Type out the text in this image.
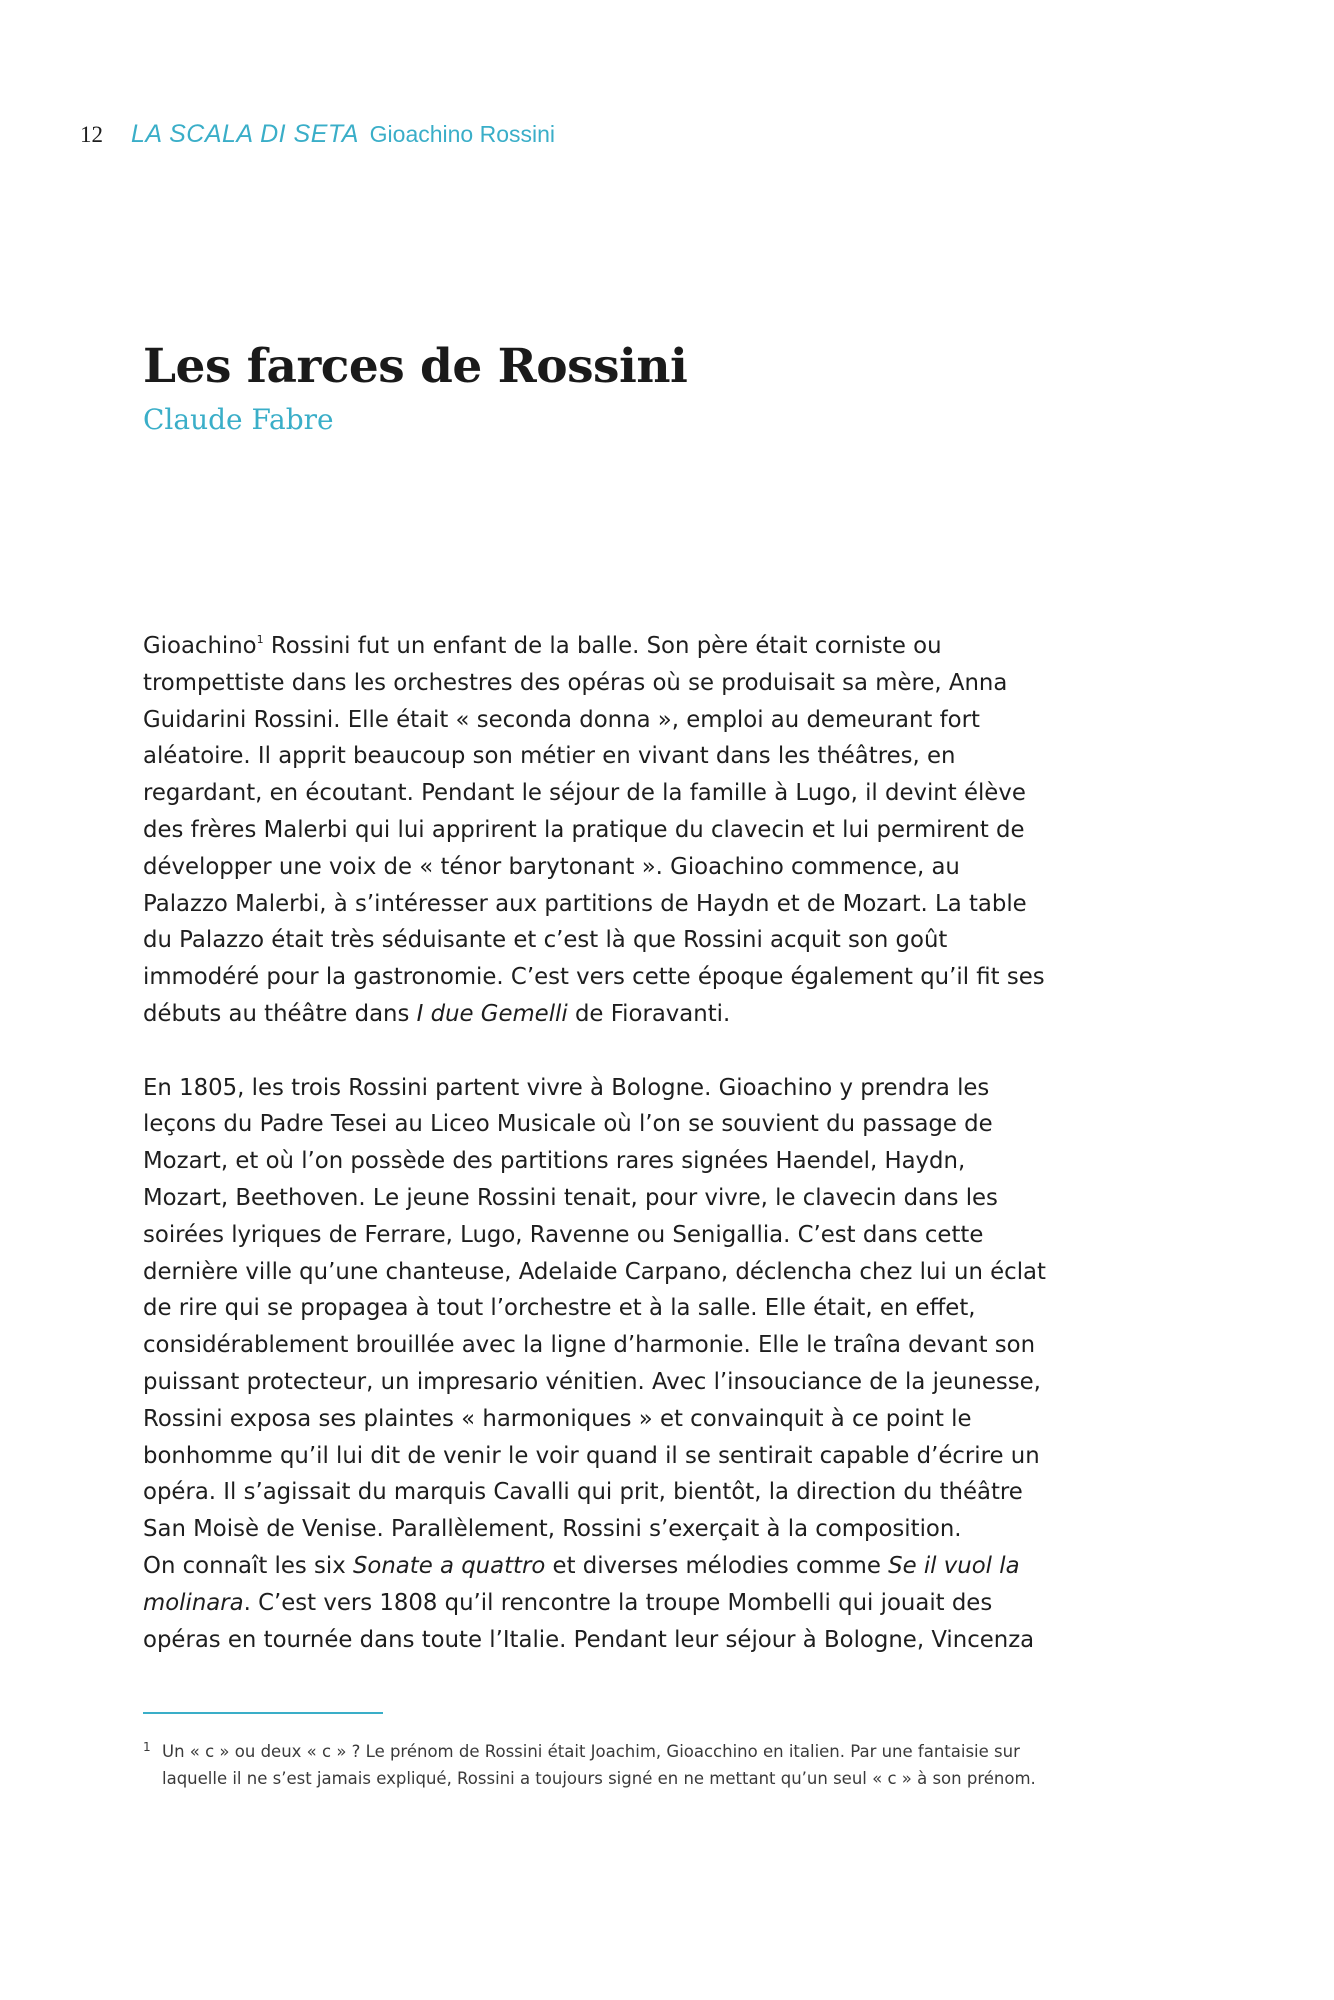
12 LA SCALA DI SETA Gioachino Rossini
Les farces de Rossini
Claude Fabre
Gioachino$^1$ Rossini fut un enfant de la balle. Son père était corniste ou
trompettiste dans les orchestres des opéras où se produisait sa mère, Anna
Guidarini Rossini. Elle était « seconda donna », emploi au demeurant fort
aléatoire. Il apprit beaucoup son métier en vivant dans les théâtres, en
regardant, en écoutant. Pendant le séjour de la famille à Lugo, il devint élève
des frères Malerbi qui lui apprirent la pratique du clavecin et lui permirent de
développer une voix de « ténor barytonant ». Gioachino commence, au
Palazzo Malerbi, à s’intéresser aux partitions de Haydn et de Mozart. La table
du Palazzo était très séduisante et c’est là que Rossini acquit son goût
immodéré pour la gastronomie. C’est vers cette époque également qu’il fit ses
débuts au théâtre dans I due Gemelli de Fioravanti.
En 1805, les trois Rossini partent vivre à Bologne. Gioachino y prendra les
leçons du Padre Tesei au Liceo Musicale où l’on se souvient du passage de
Mozart, et où l’on possède des partitions rares signées Haendel, Haydn,
Mozart, Beethoven. Le jeune Rossini tenait, pour vivre, le clavecin dans les
soirées lyriques de Ferrare, Lugo, Ravenne ou Senigallia. C’est dans cette
dernière ville qu’une chanteuse, Adelaide Carpano, déclencha chez lui un éclat
de rire qui se propagea à tout l’orchestre et à la salle. Elle était, en effet,
considérablement brouillée avec la ligne d’harmonie. Elle le traîna devant son
puissant protecteur, un impresario vénitien. Avec l’insouciance de la jeunesse,
Rossini exposa ses plaintes « harmoniques » et convainquit à ce point le
bonhomme qu’il lui dit de venir le voir quand il se sentirait capable d’écrire un
opéra. Il s’agissait du marquis Cavalli qui prit, bientôt, la direction du théâtre
San Moisè de Venise. Parallèlement, Rossini s’exerçait à la composition.
On connaît les six Sonate a quattro et diverses mélodies comme Se il vuol la
molinara. C’est vers 1808 qu’il rencontre la troupe Mombelli qui jouait des
opéras en tournée dans toute l’Italie. Pendant leur séjour à Bologne, Vincenza
1 Un « c » ou deux « c » ? Le prénom de Rossini était Joachim, Gioacchino en italien. Par une fantaisie sur
laquelle il ne s’est jamais expliqué, Rossini a toujours signé en ne mettant qu’un seul « c » à son prénom.
